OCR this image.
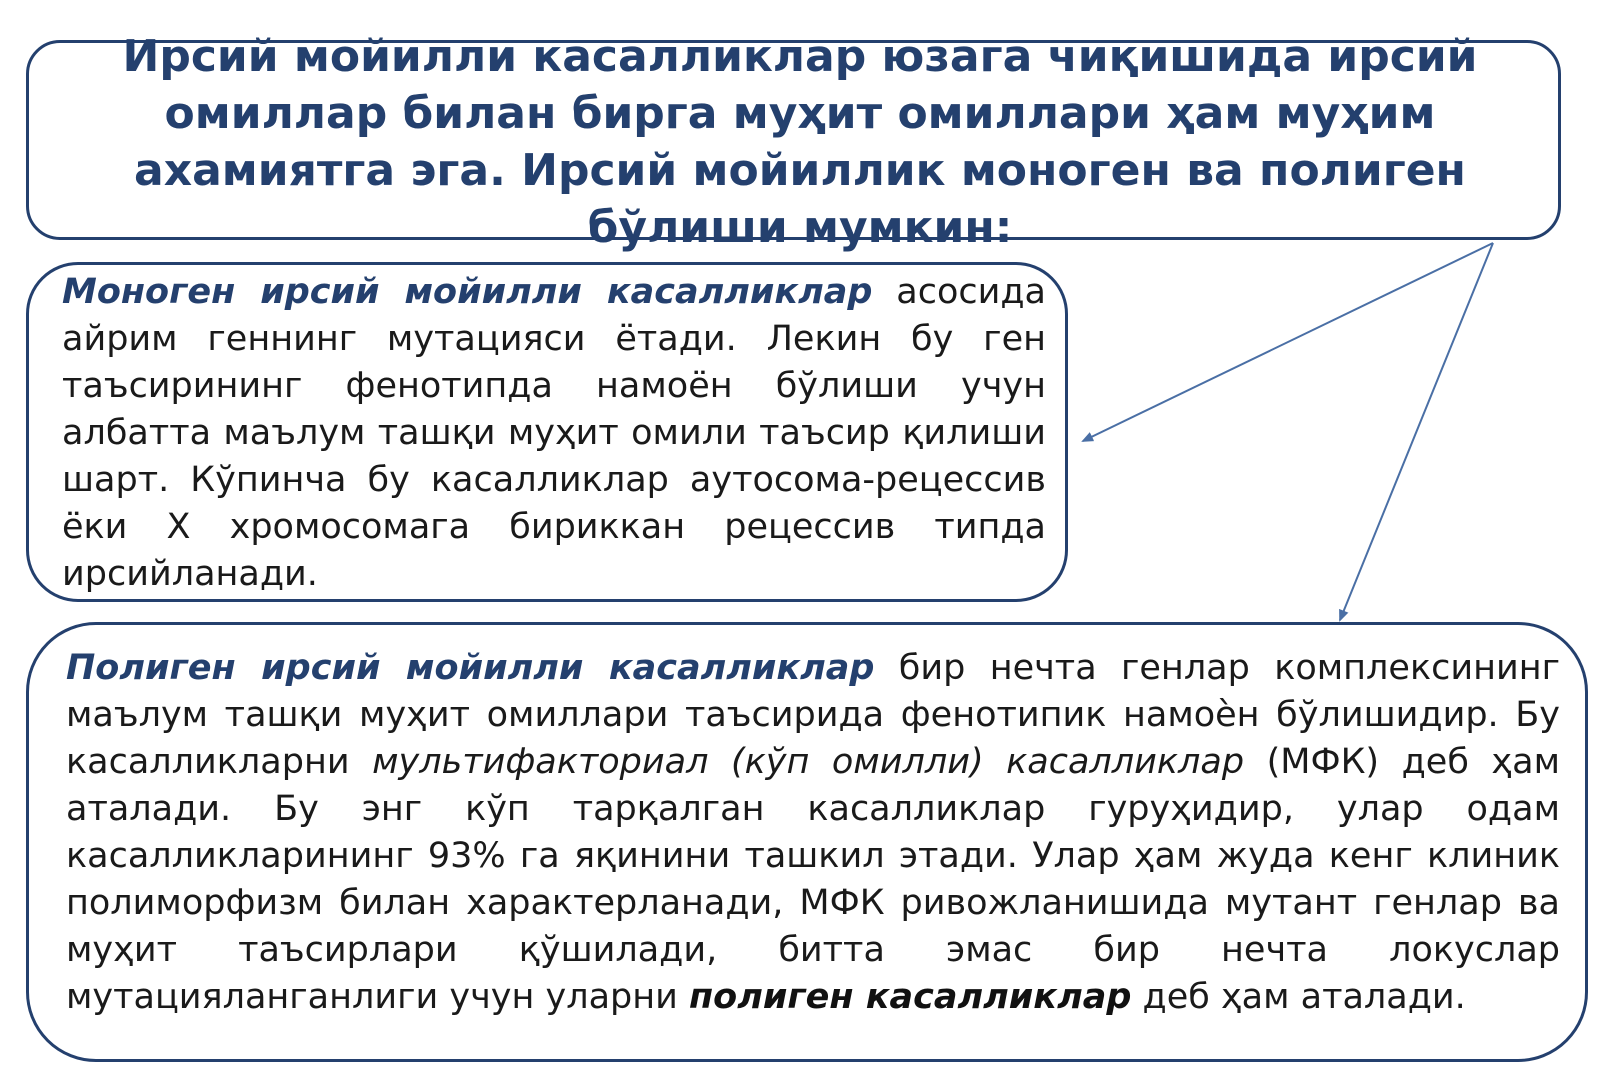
Ирсий мойилли касалликлар юзага чиқишида ирсий омиллар билан бирга муҳит омиллари ҳам муҳим ахамиятга эга. Ирсий мойиллик моноген ва полиген бўлиши мумкин:

Моноген ирсий мойилли касалликлар асосида айрим геннинг мутацияси ётади. Лекин бу ген таъсирининг фенотипда намоён бўлиши учун албатта маълум ташқи муҳит омили таъсир қилиши шарт. Кўпинча бу касалликлар аутосома-рецессив ёки X хромосомага бириккан рецессив типда ирсийланади.

Полиген ирсий мойилли касалликлар бир нечта генлар комплексининг маълум ташқи муҳит омиллари таъсирида фенотипик намоѐн бўлишидир. Бу касалликларни мультифакториал (кўп омилли) касалликлар (МФК) деб ҳам аталади. Бу энг кўп тарқалган касалликлар гуруҳидир, улар одам касалликларининг 93% га яқинини ташкил этади. Улар ҳам жуда кенг клиник полиморфизм билан характерланади, МФК ривожланишида мутант генлар ва муҳит таъсирлари қўшилади, битта эмас бир нечта локуслар мутацияланганлиги учун уларни полиген касалликлар деб ҳам аталади.
